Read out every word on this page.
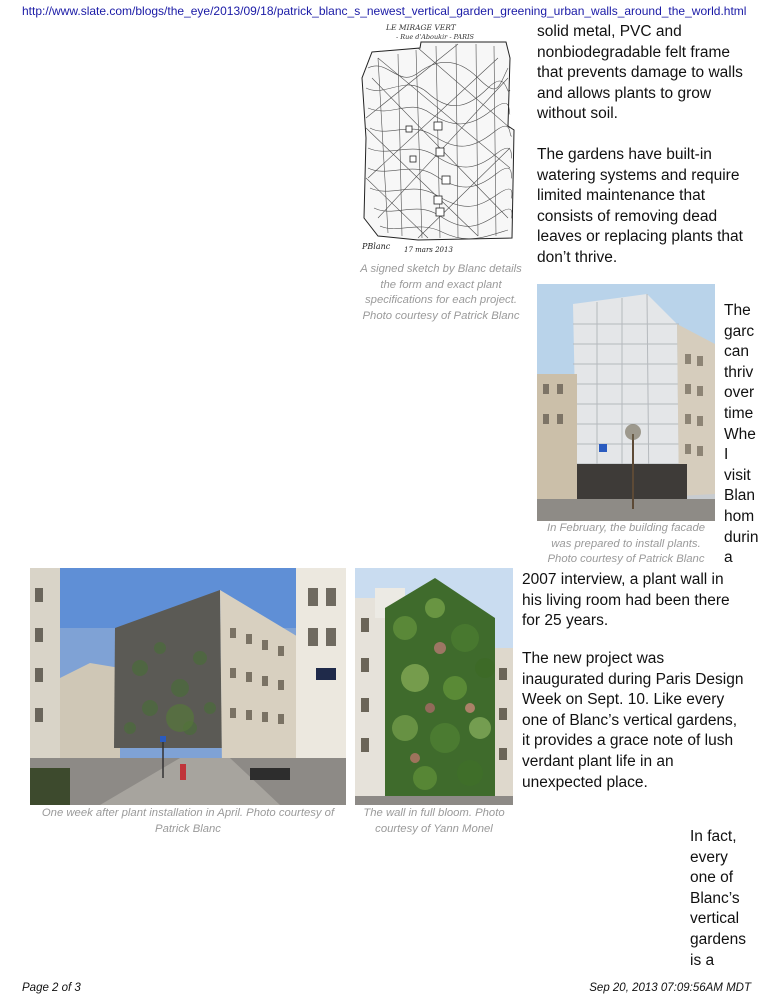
http://www.slate.com/blogs/the_eye/2013/09/18/patrick_blanc_s_newest_vertical_garden_greening_urban_walls_around_the_world.html
LE MIRAGE VERT
- Rue d'Aboukir - PARIS
PBlanc 17 mars 2013
A signed sketch by Blanc details
the form and exact plant
specifications for each project.
Photo courtesy of Patrick Blanc
solid metal, PVC and
nonbiodegradable felt frame
that prevents damage to walls
and allows plants to grow
without soil.
The gardens have built-in
watering systems and require
limited maintenance that
consists of removing dead
leaves or replacing plants that
don’t thrive.
In February, the building facade
was prepared to install plants.
Photo courtesy of Patrick Blanc
The
garc
can
thriv
over
time
Whe
I
visit
Blan
hom
durin
a
2007 interview, a plant wall in
his living room had been there
for 25 years.
One week after plant installation in April. Photo courtesy of
Patrick Blanc
The wall in full bloom. Photo
courtesy of Yann Monel
The new project was
inaugurated during Paris Design
Week on Sept. 10. Like every
one of Blanc’s vertical gardens,
it provides a grace note of lush
verdant plant life in an
unexpected place.
In fact,
every
one of
Blanc’s
vertical
gardens
is a
Page 2 of 3	Sep 20, 2013 07:09:56AM MDT
